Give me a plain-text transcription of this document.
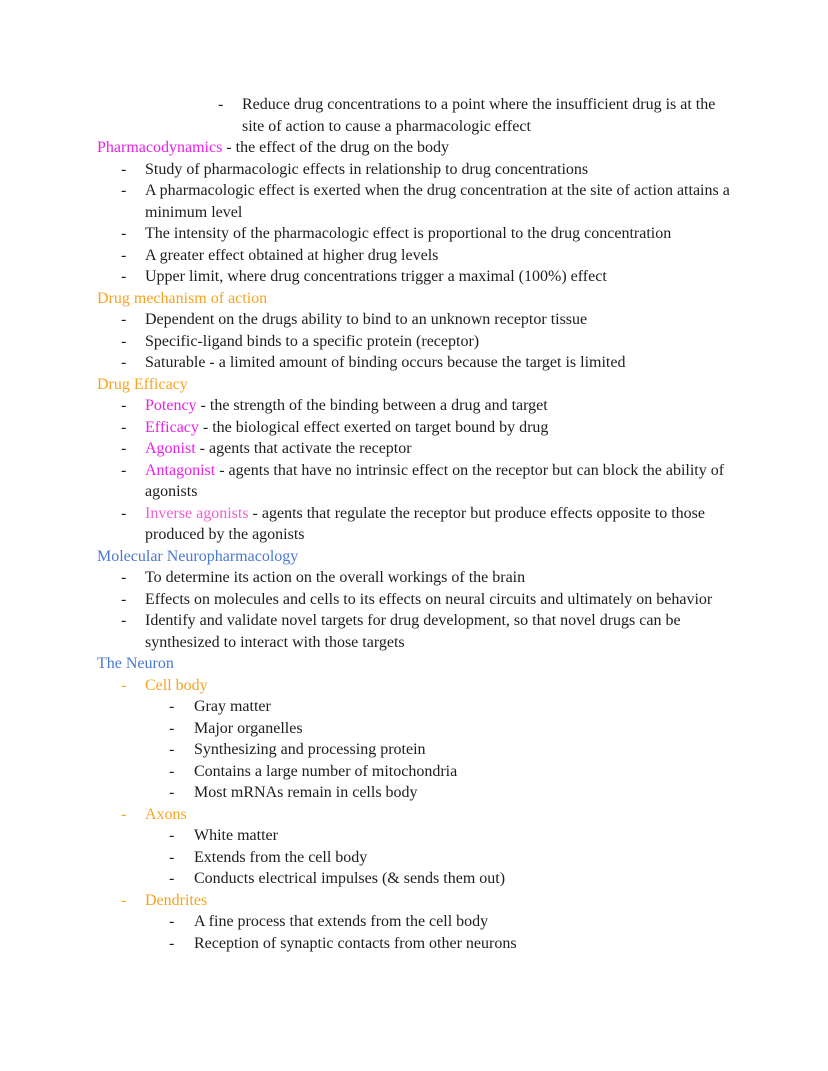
- Reduce drug concentrations to a point where the insufficient drug is at the site of action to cause a pharmacologic effect
Pharmacodynamics - the effect of the drug on the body
- Study of pharmacologic effects in relationship to drug concentrations
- A pharmacologic effect is exerted when the drug concentration at the site of action attains a minimum level
- The intensity of the pharmacologic effect is proportional to the drug concentration
- A greater effect obtained at higher drug levels
- Upper limit, where drug concentrations trigger a maximal (100%) effect
Drug mechanism of action
- Dependent on the drugs ability to bind to an unknown receptor tissue
- Specific-ligand binds to a specific protein (receptor)
- Saturable - a limited amount of binding occurs because the target is limited
Drug Efficacy
- Potency - the strength of the binding between a drug and target
- Efficacy - the biological effect exerted on target bound by drug
- Agonist - agents that activate the receptor
- Antagonist - agents that have no intrinsic effect on the receptor but can block the ability of agonists
- Inverse agonists - agents that regulate the receptor but produce effects opposite to those produced by the agonists
Molecular Neuropharmacology
- To determine its action on the overall workings of the brain
- Effects on molecules and cells to its effects on neural circuits and ultimately on behavior
- Identify and validate novel targets for drug development, so that novel drugs can be synthesized to interact with those targets
The Neuron
- Cell body
- Gray matter
- Major organelles
- Synthesizing and processing protein
- Contains a large number of mitochondria
- Most mRNAs remain in cells body
- Axons
- White matter
- Extends from the cell body
- Conducts electrical impulses (& sends them out)
- Dendrites
- A fine process that extends from the cell body
- Reception of synaptic contacts from other neurons
